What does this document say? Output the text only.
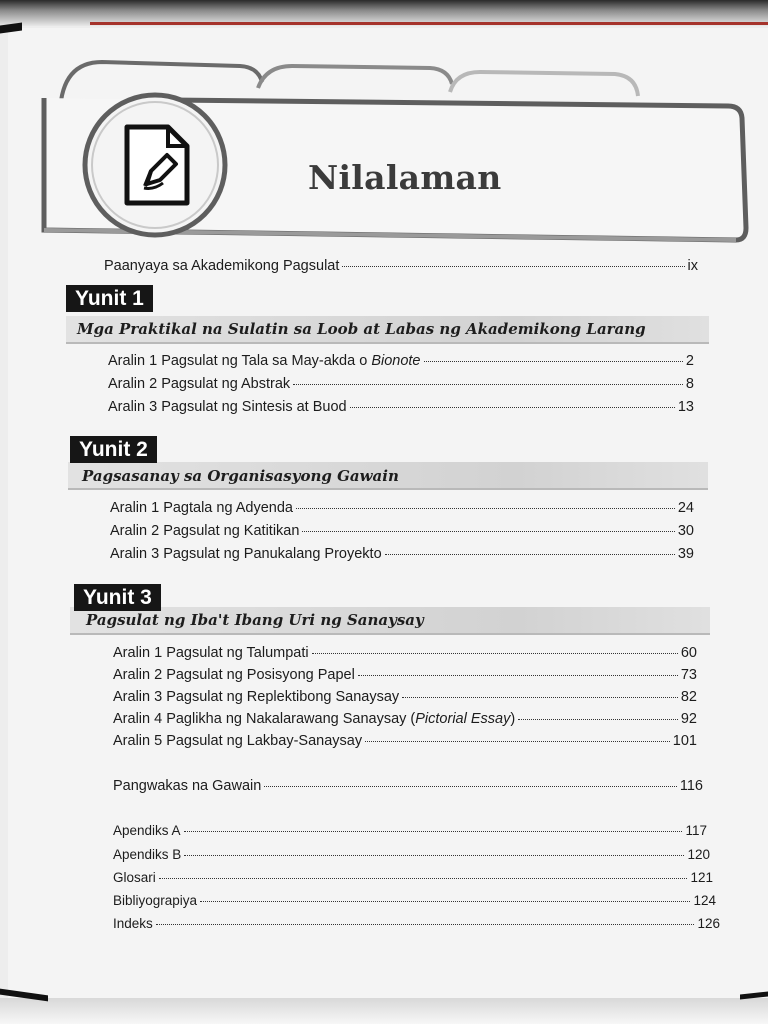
Nilalaman
Paanyaya sa Akademikong Pagsulat	ix
Yunit 1
Mga Praktikal na Sulatin sa Loob at Labas ng Akademikong Larang
Aralin 1 Pagsulat ng Tala sa May-akda o Bionote	2
Aralin 2 Pagsulat ng Abstrak	8
Aralin 3 Pagsulat ng Sintesis at Buod	13
Yunit 2
Pagsasanay sa Organisasyong Gawain
Aralin 1 Pagtala ng Adyenda	24
Aralin 2 Pagsulat ng Katitikan	30
Aralin 3 Pagsulat ng Panukalang Proyekto	39
Yunit 3
Pagsulat ng Iba't Ibang Uri ng Sanaysay
Aralin 1 Pagsulat ng Talumpati	60
Aralin 2 Pagsulat ng Posisyong Papel	73
Aralin 3 Pagsulat ng Replektibong Sanaysay	82
Aralin 4 Paglikha ng Nakalarawang Sanaysay (Pictorial Essay)	92
Aralin 5 Pagsulat ng Lakbay-Sanaysay	101
Pangwakas na Gawain	116
Apendiks A	117
Apendiks B	120
Glosari	121
Bibliyograpiya	124
Indeks	126
